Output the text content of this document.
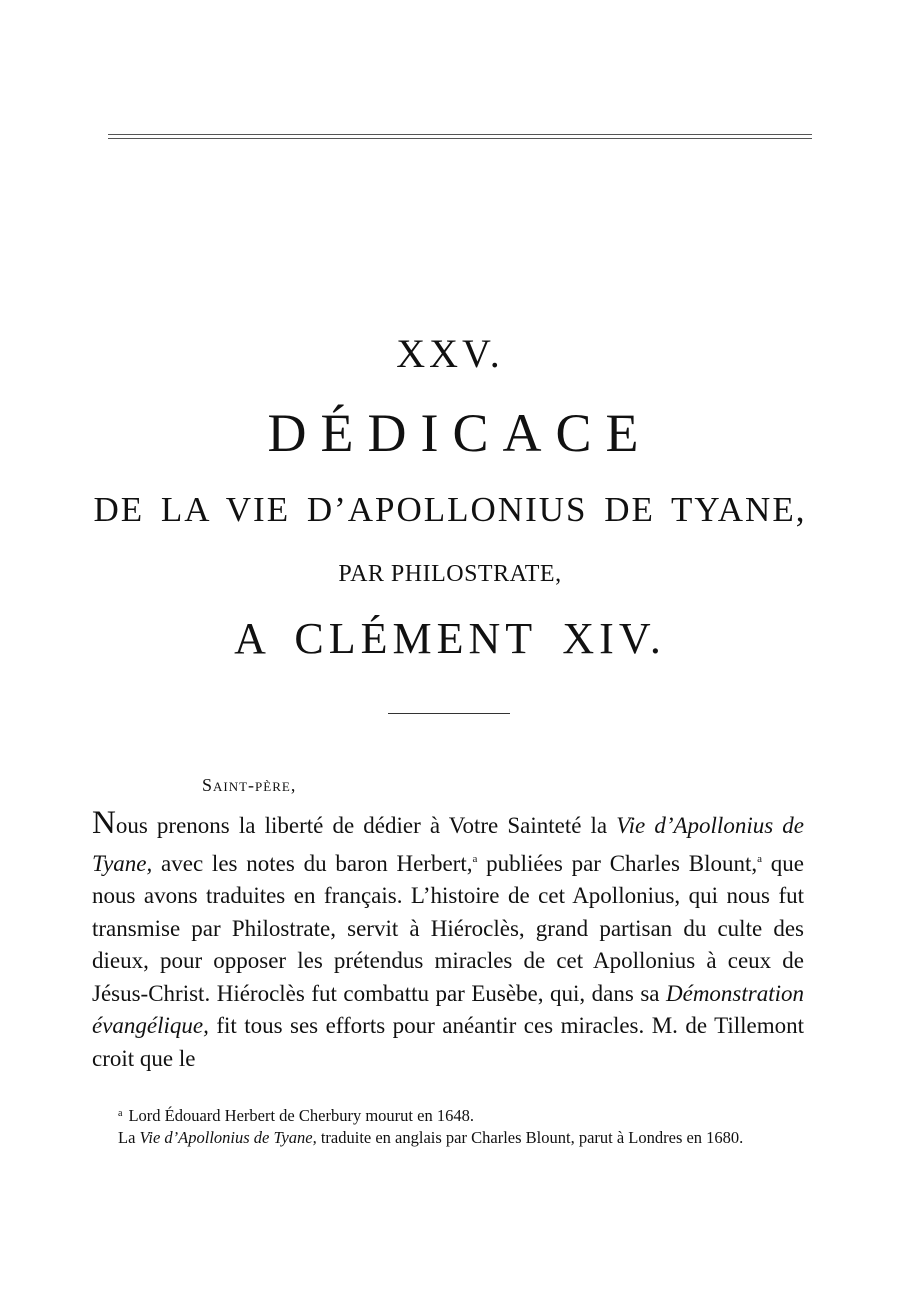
XXV.
DÉDICACE
DE LA VIE D’APOLLONIUS DE TYANE,
PAR PHILOSTRATE,
A CLÉMENT XIV.
Saint-père,

Nous prenons la liberté de dédier à Votre Sainteté la Vie d’Apollonius de Tyane, avec les notes du baron Herbert,$^a$ publiées par Charles Blount,$^a$ que nous avons traduites en français. L’histoire de cet Apollonius, qui nous fut transmise par Philostrate, servit à Hiéroclès, grand partisan du culte des dieux, pour opposer les prétendus miracles de cet Apollonius à ceux de Jésus-Christ. Hiéroclès fut combattu par Eusèbe, qui, dans sa Démonstration évangélique, fit tous ses efforts pour anéantir ces miracles. M. de Tillemont croit que le

$^a$ Lord Édouard Herbert de Cherbury mourut en 1648.
La Vie d’Apollonius de Tyane, traduite en anglais par Charles Blount, parut à Londres en 1680.
